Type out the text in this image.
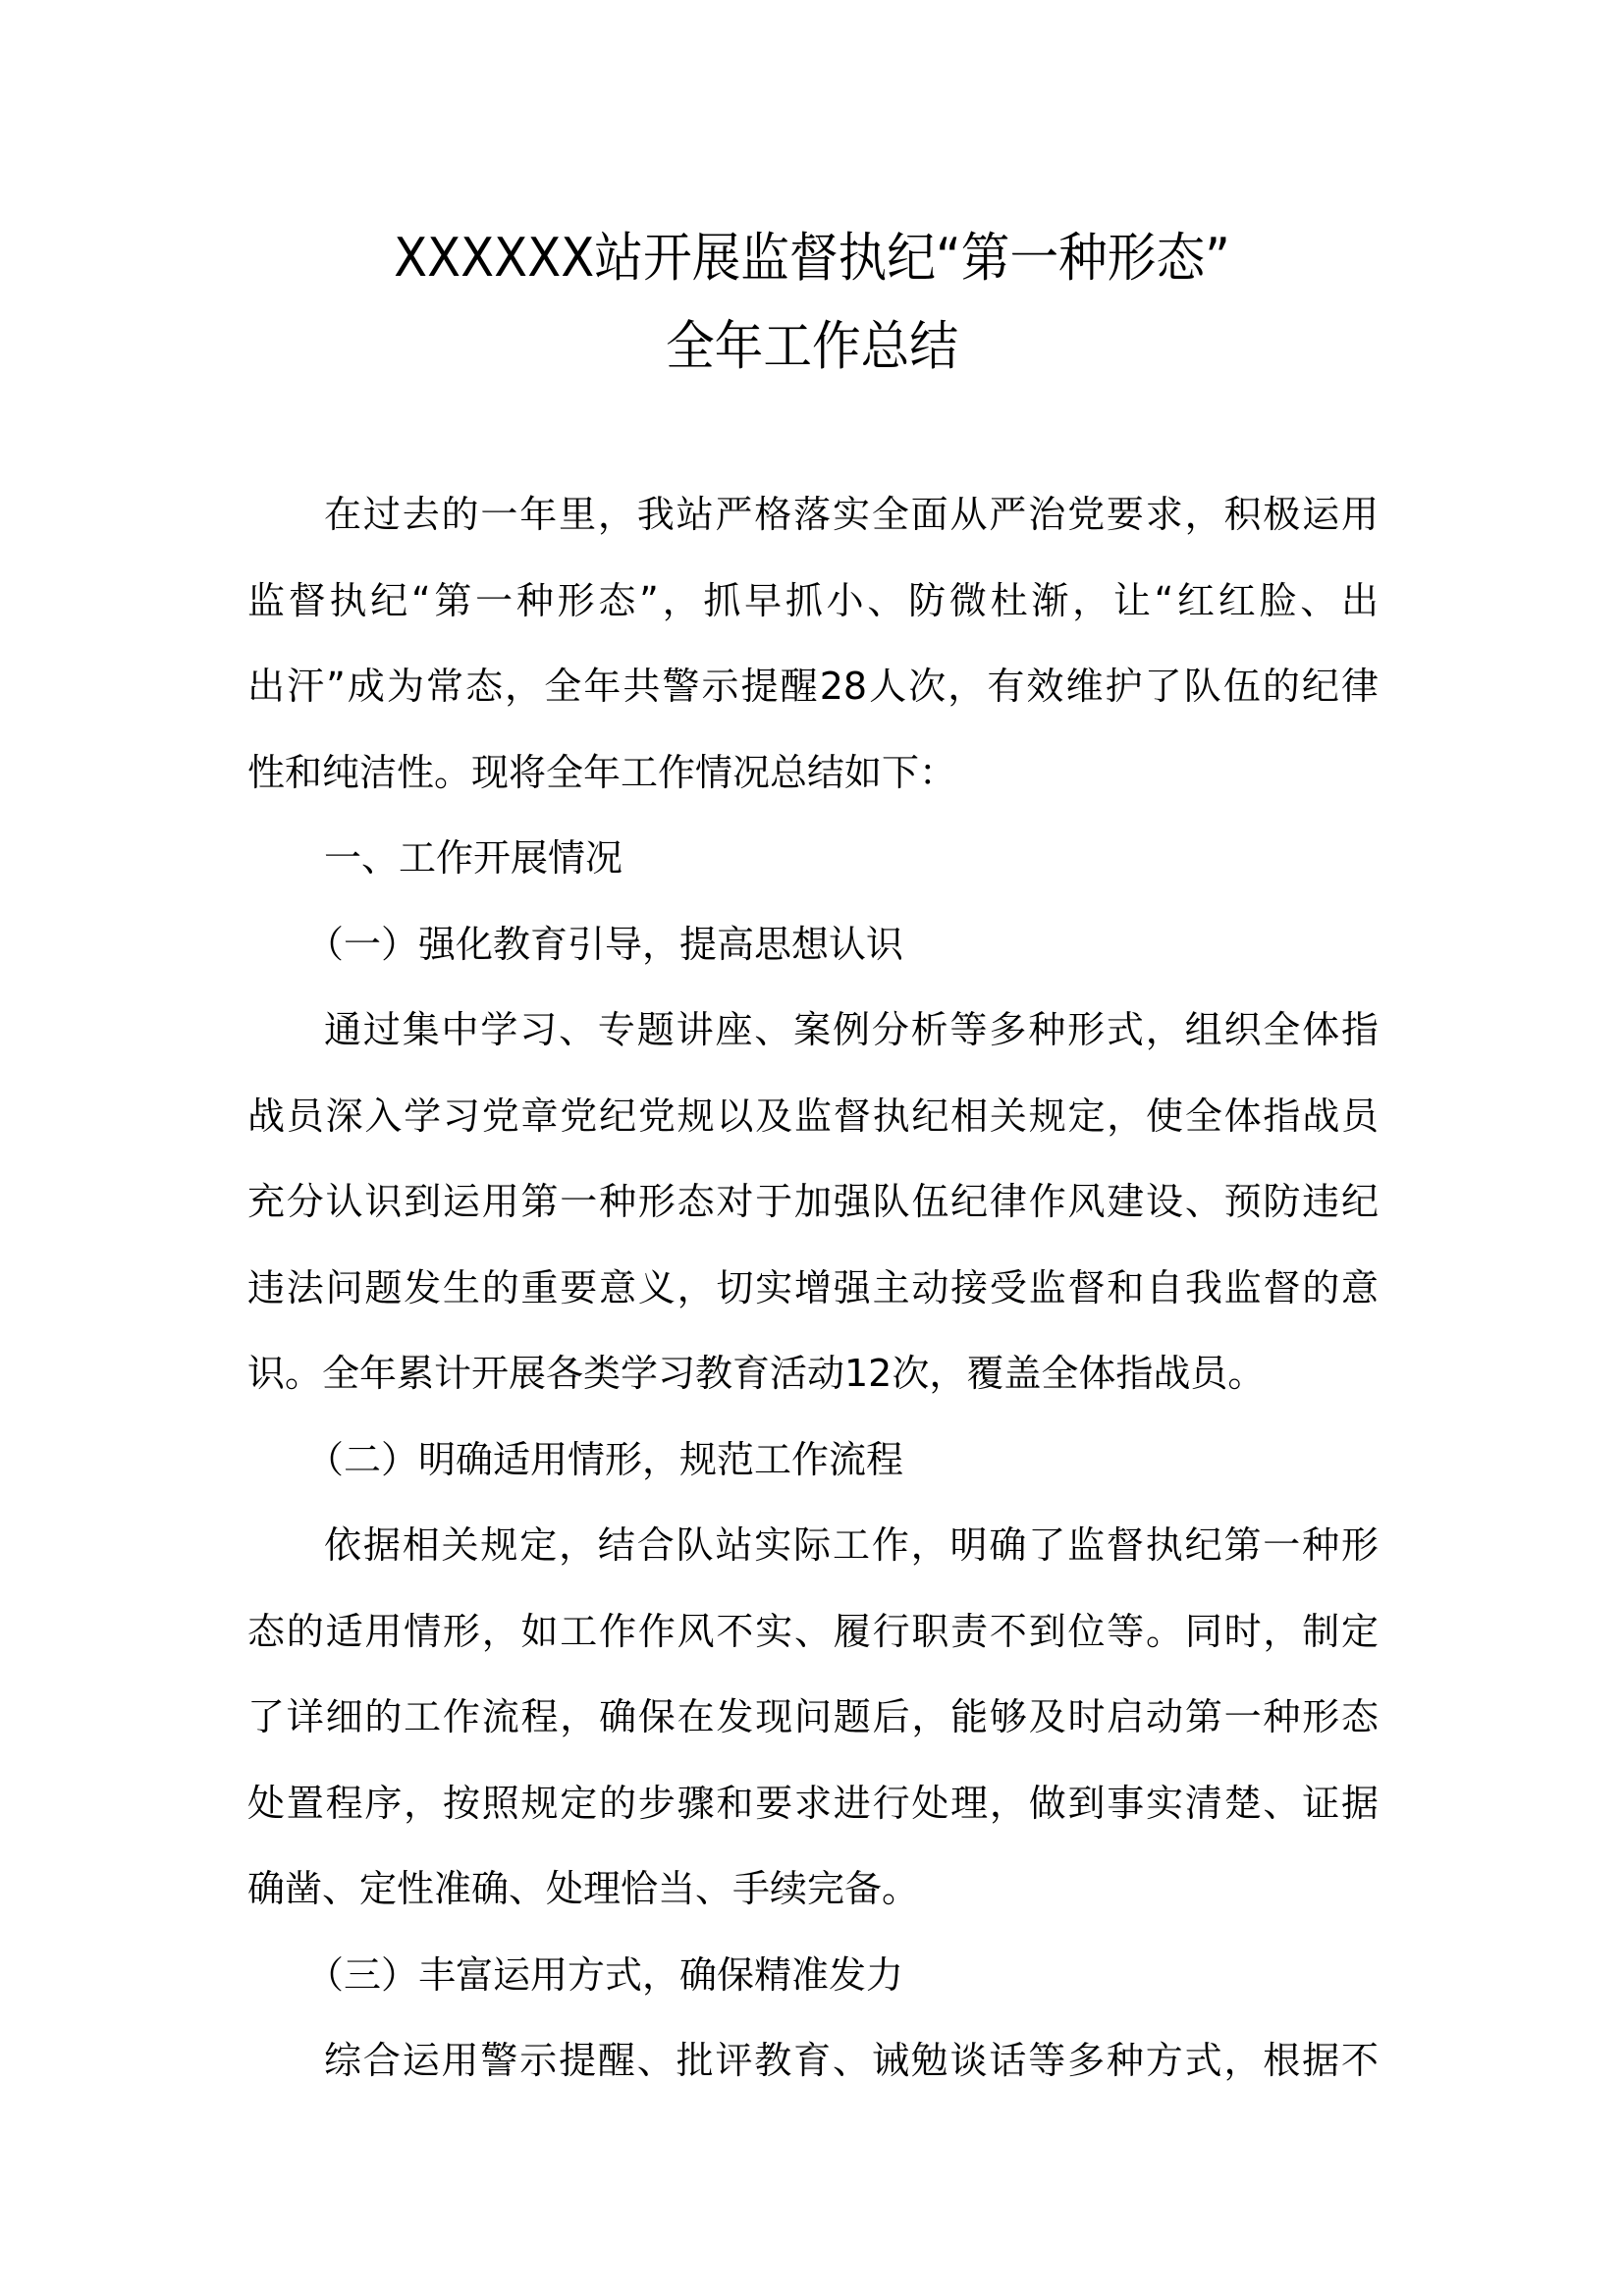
XXXXXX站开展监督执纪“第一种形态”
全年工作总结

在过去的一年里，我站严格落实全面从严治党要求，积极运用
监督执纪“第一种形态”，抓早抓小、防微杜渐，让“红红脸、出
出汗”成为常态，全年共警示提醒28人次，有效维护了队伍的纪律
性和纯洁性。现将全年工作情况总结如下：

一、工作开展情况

（一）强化教育引导，提高思想认识

通过集中学习、专题讲座、案例分析等多种形式，组织全体指
战员深入学习党章党纪党规以及监督执纪相关规定，使全体指战员
充分认识到运用第一种形态对于加强队伍纪律作风建设、预防违纪
违法问题发生的重要意义，切实增强主动接受监督和自我监督的意
识。全年累计开展各类学习教育活动12次，覆盖全体指战员。

（二）明确适用情形，规范工作流程

依据相关规定，结合队站实际工作，明确了监督执纪第一种形
态的适用情形，如工作作风不实、履行职责不到位等。同时，制定
了详细的工作流程，确保在发现问题后，能够及时启动第一种形态
处置程序，按照规定的步骤和要求进行处理，做到事实清楚、证据
确凿、定性准确、处理恰当、手续完备。

（三）丰富运用方式，确保精准发力

综合运用警示提醒、批评教育、诫勉谈话等多种方式，根据不
